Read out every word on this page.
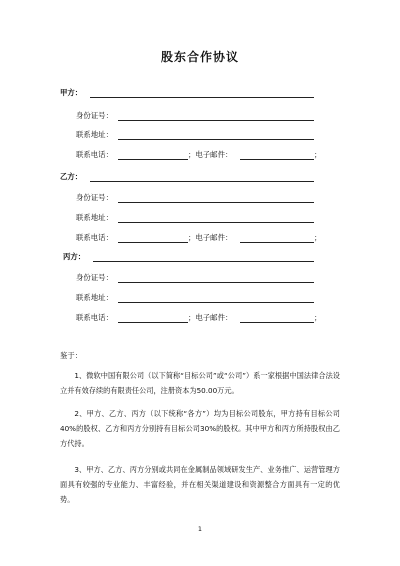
股东合作协议
甲方：
身份证号：
联系地址：
联系电话：	；电子邮件：	；
乙方：
身份证号：
联系地址：
联系电话：	；电子邮件：	；
丙方：
身份证号：
联系地址：
联系电话：	；电子邮件：	；
鉴于：
1、微软中国有限公司（以下简称“目标公司”或“公司”）系一家根据中国法律合法设立并有效存续的有限责任公司，注册资本为50.00万元。
2、甲方、乙方、丙方（以下统称“各方”）均为目标公司股东，甲方持有目标公司40%的股权、乙方和丙方分别持有目标公司30%的股权。其中甲方和丙方所持股权由乙方代持。
3、甲方、乙方、丙方分别或共同在金属制品领域研发生产、业务推广、运营管理方面具有较强的专业能力、丰富经验，并在相关渠道建设和资源整合方面具有一定的优势。
1
